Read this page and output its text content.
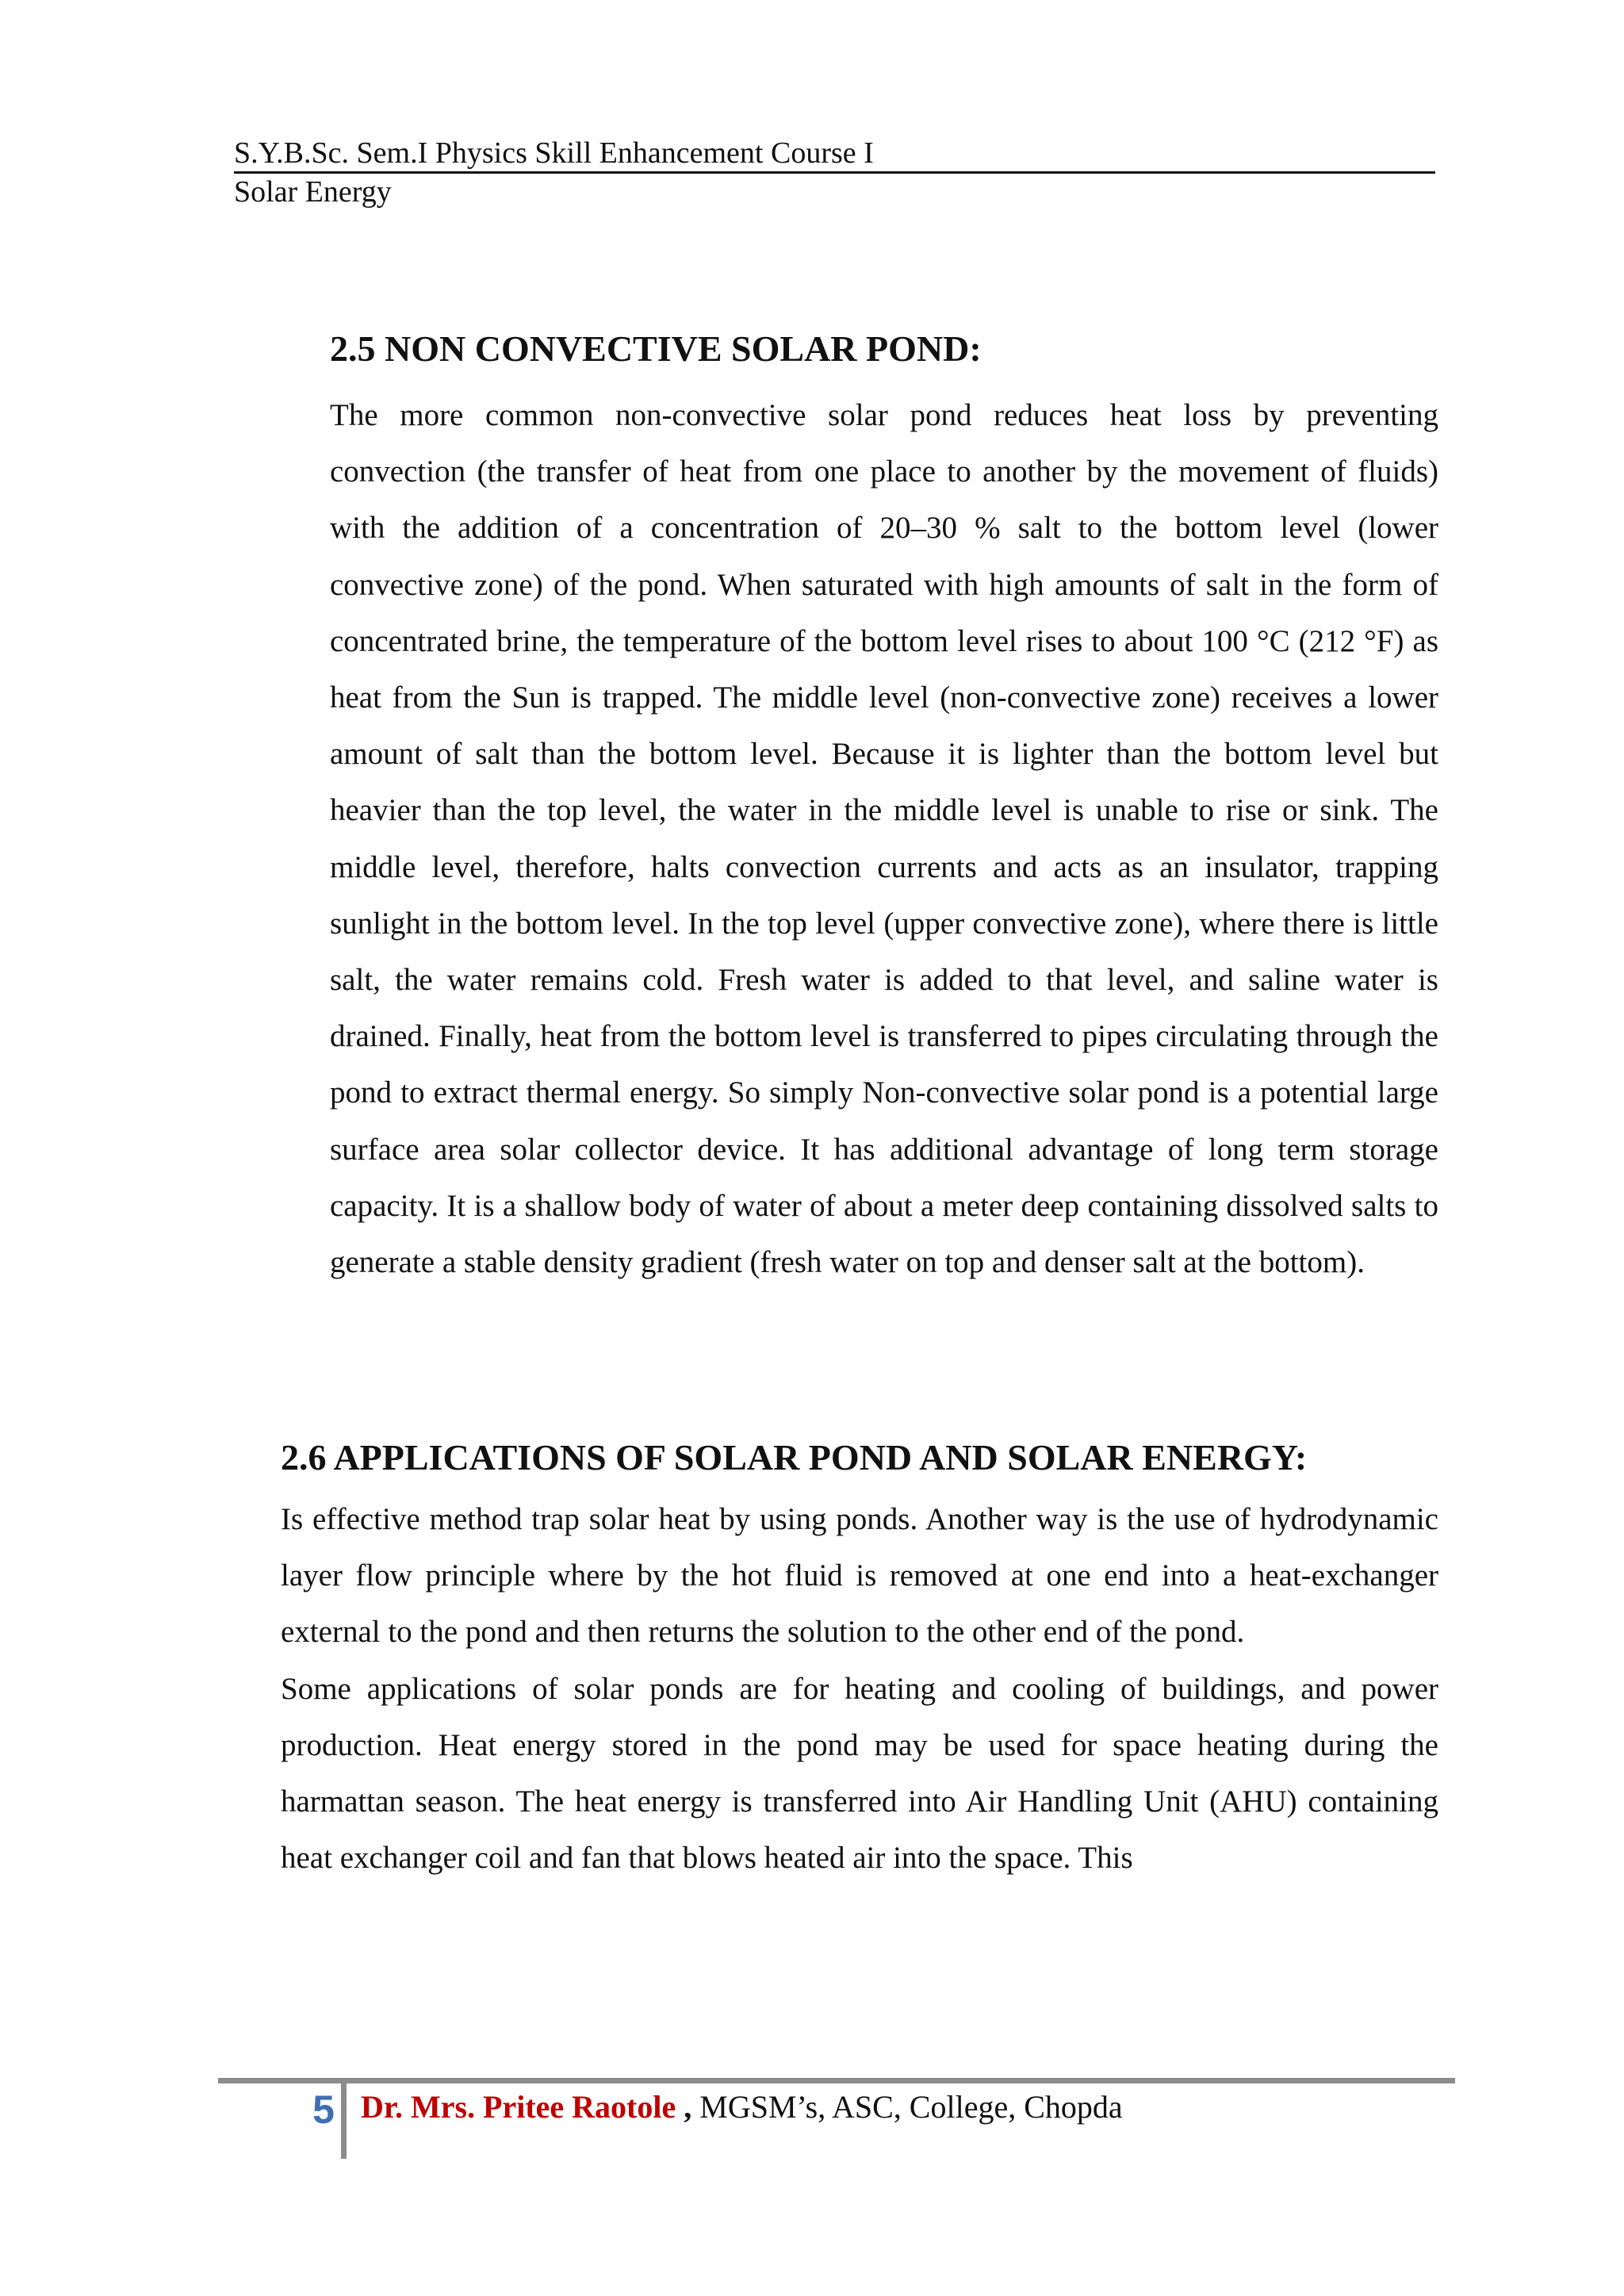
S.Y.B.Sc. Sem.I Physics Skill Enhancement Course I
Solar Energy
2.5 NON CONVECTIVE SOLAR POND:

The more common non-convective solar pond reduces heat loss by preventing convection (the transfer of heat from one place to another by the movement of fluids) with the addition of a concentration of 20–30 % salt to the bottom level (lower convective zone) of the pond. When saturated with high amounts of salt in the form of concentrated brine, the temperature of the bottom level rises to about 100 °C (212 °F) as heat from the Sun is trapped. The middle level (non-convective zone) receives a lower amount of salt than the bottom level. Because it is lighter than the bottom level but heavier than the top level, the water in the middle level is unable to rise or sink. The middle level, therefore, halts convection currents and acts as an insulator, trapping sunlight in the bottom level. In the top level (upper convective zone), where there is little salt, the water remains cold. Fresh water is added to that level, and saline water is drained. Finally, heat from the bottom level is transferred to pipes circulating through the pond to extract thermal energy. So simply Non-convective solar pond is a potential large surface area solar collector device. It has additional advantage of long term storage capacity. It is a shallow body of water of about a meter deep containing dissolved salts to generate a stable density gradient (fresh water on top and denser salt at the bottom).

2.6 APPLICATIONS OF SOLAR POND AND SOLAR ENERGY:

Is effective method trap solar heat by using ponds. Another way is the use of hydrodynamic layer flow principle where by the hot fluid is removed at one end into a heat-exchanger external to the pond and then returns the solution to the other end of the pond.

Some applications of solar ponds are for heating and cooling of buildings, and power production. Heat energy stored in the pond may be used for space heating during the harmattan season. The heat energy is transferred into Air Handling Unit (AHU) containing heat exchanger coil and fan that blows heated air into the space. This

5 Dr. Mrs. Pritee Raotole , MGSM’s, ASC, College, Chopda
